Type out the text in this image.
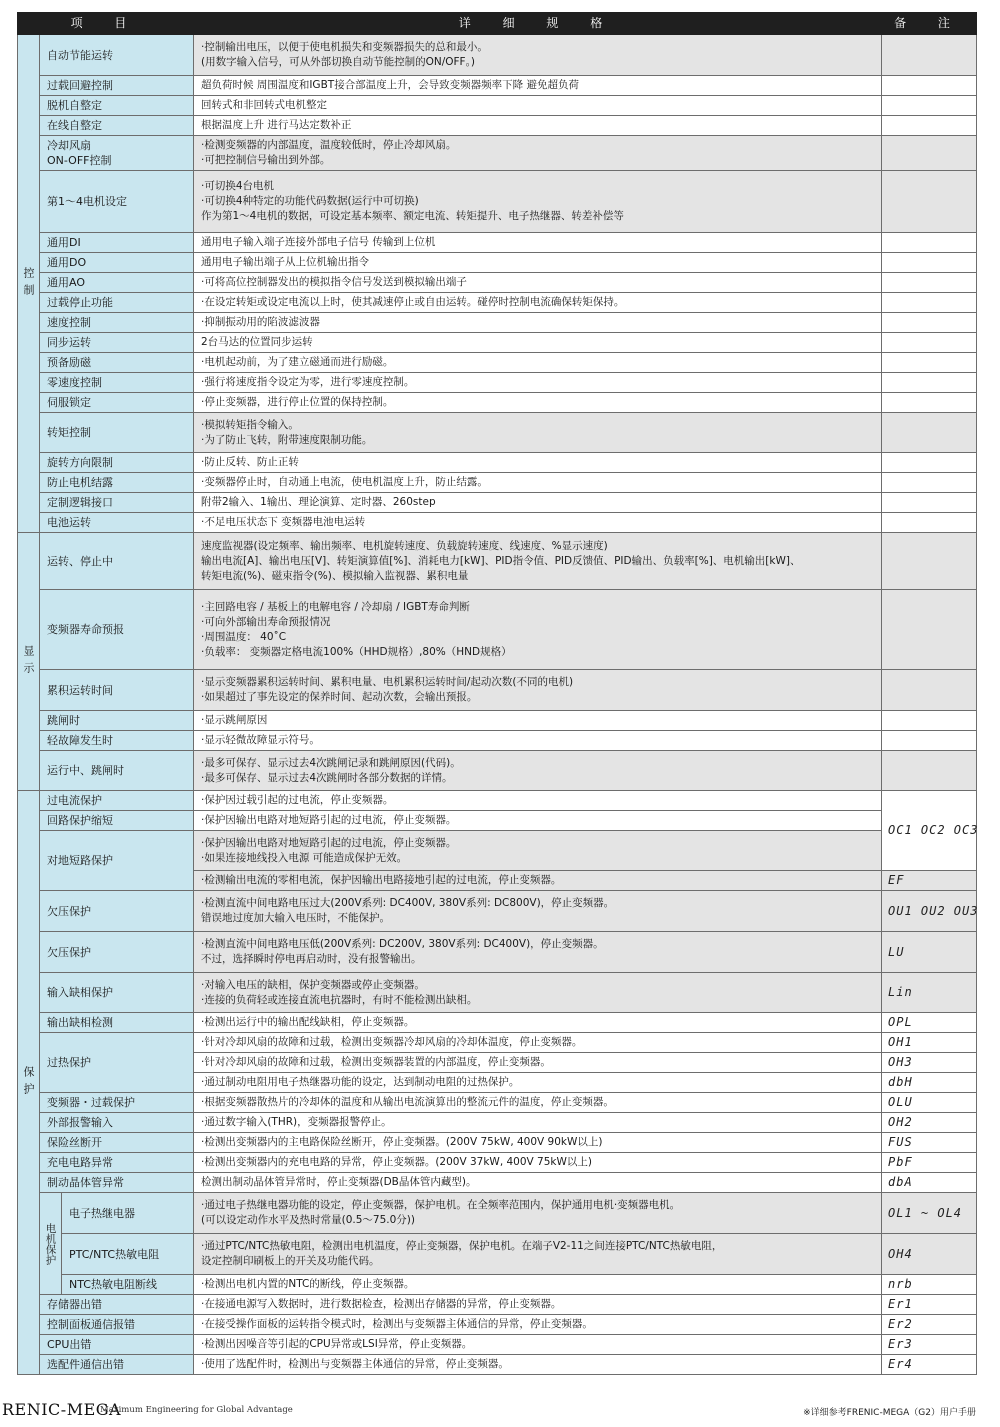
项 目			详 细 规 格	备 注
控制	自动节能运转		·控制输出电压，以便于使电机损失和变频器损失的总和最小。
(用数字输入信号，可从外部切换自动节能控制的ON/OFF。)	

	过载回避控制		超负荷时候 周围温度和IGBT接合部温度上升，会导致变频器频率下降 避免超负荷	

	脱机自整定		回转式和非回转式电机整定	

	在线自整定		根据温度上升 进行马达定数补正	

	冷却风扇
ON-OFF控制		·检测变频器的内部温度，温度较低时，停止冷却风扇。
·可把控制信号输出到外部。	

	第1～4电机设定		·可切换4台电机
·可切换4种特定的功能代码数据(运行中可切换)
作为第1～4电机的数据，可设定基本频率、额定电流、转矩提升、电子热继器、转差补偿等	

	通用DI		通用电子输入端子连接外部电子信号 传输到上位机	

	通用DO		通用电子输出端子从上位机输出指令	

	通用AO		·可将高位控制器发出的模拟指令信号发送到模拟输出端子	

	过载停止功能		·在设定转矩或设定电流以上时，使其减速停止或自由运转。碰停时控制电流确保转矩保持。	

	速度控制		·抑制振动用的陷波滤波器	

	同步运转		2台马达的位置同步运转	

	预备励磁		·电机起动前，为了建立磁通而进行励磁。	

	零速度控制		·强行将速度指令设定为零，进行零速度控制。	

	伺服锁定		·停止变频器，进行停止位置的保持控制。	

	转矩控制		·模拟转矩指令输入。
·为了防止飞转，附带速度限制功能。	

	旋转方向限制		·防止反转、防止正转	

	防止电机结露		·变频器停止时，自动通上电流，使电机温度上升，防止结露。	

	定制逻辑接口		附带2输入、1输出、理论演算、定时器、260step	

	电池运转		·不足电压状态下 变频器电池电运转	

显示	运转、停止中		速度监视器(设定频率、输出频率、电机旋转速度、负载旋转速度、线速度、%显示速度)
输出电流[A]、输出电压[V]、转矩演算值[%]、消耗电力[kW]、PID指令值、PID反馈值、PID输出、负载率[%]、电机输出[kW]、
转矩电流(%)、磁束指令(%)、模拟输入监视器、累积电量	

	变频器寿命预报		·主回路电容 / 基板上的电解电容 / 冷却扇 / IGBT寿命判断
·可向外部输出寿命预报情况
·周围温度： 40˚C
·负载率： 变频器定格电流100%（HHD规格）,80%（HND规格）	

	累积运转时间		·显示变频器累积运转时间、累积电量、电机累积运转时间/起动次数(不同的电机)
·如果超过了事先设定的保养时间、起动次数，会输出预报。	

	跳闸时		·显示跳闸原因	

	轻故障发生时		·显示轻微故障显示符号。	

	运行中、跳闸时		·最多可保存、显示过去4次跳闸记录和跳闸原因(代码)。
·最多可保存、显示过去4次跳闸时各部分数据的详情。	

保护	过电流保护		·保护因过载引起的过电流，停止变频器。	OC1 OC2 OC3
	回路保护缩短		·保护因输出电路对地短路引起的过电流，停止变频器。	

	对地短路保护		·保护因输出电路对地短路引起的过电流，停止变频器。
·如果连接地线投入电源 可能造成保护无效。	

			·检测输出电流的零相电流，保护因输出电路接地引起的过电流，停止变频器。	EF
	欠压保护		·检测直流中间电路电压过大(200V系列: DC400V, 380V系列: DC800V)，停止变频器。
错误地过度加大输入电压时，不能保护。	OU1 OU2 OU3
	欠压保护		·检测直流中间电路电压低(200V系列: DC200V, 380V系列: DC400V)，停止变频器。
不过，选择瞬时停电再启动时，没有报警输出。	LU
	输入缺相保护		·对输入电压的缺相，保护变频器或停止变频器。
·连接的负荷轻或连接直流电抗器时，有时不能检测出缺相。	Lin
	输出缺相检测		·检测出运行中的输出配线缺相，停止变频器。	OPL
	过热保护		·针对冷却风扇的故障和过载，检测出变频器冷却风扇的冷却体温度，停止变频器。	OH1

			·针对冷却风扇的故障和过载，检测出变频器装置的内部温度，停止变频器。	OH3

			·通过制动电阻用电子热继器功能的设定，达到制动电阻的过热保护。	dbH
	变频器・过载保护		·根据变频器散热片的冷却体的温度和从输出电流演算出的整流元件的温度，停止变频器。	OLU
	外部报警输入		·通过数字输入(THR)，变频器报警停止。	OH2
	保险丝断开		·检测出变频器内的主电路保险丝断开，停止变频器。(200V 75kW, 400V 90kW以上)	FUS
	充电电路异常		·检测出变频器内的充电电路的异常，停止变频器。(200V 37kW, 400V 75kW以上)	PbF
	制动晶体管异常		检测出制动晶体管异常时，停止变频器(DB晶体管内藏型)。	dbA
	电机保护	电子热继电器	·通过电子热继电器功能的设定，停止变频器，保护电机。在全频率范围内，保护通用电机·变频器电机。
(可以设定动作水平及热时常量(0.5～75.0分))	OL1 ~ OL4
		PTC/NTC热敏电阻	·通过PTC/NTC热敏电阻，检测出电机温度，停止变频器，保护电机。在端子V2-11之间连接PTC/NTC热敏电阻，
设定控制印刷板上的开关及功能代码。	OH4
		NTC热敏电阻断线	·检测出电机内置的NTC的断线，停止变频器。	nrb
	存储器出错		·在接通电源写入数据时，进行数据检查，检测出存储器的异常，停止变频器。	Er1
	控制面板通信报错		·在接受操作面板的运转指令模式时，检测出与变频器主体通信的异常，停止变频器。	Er2
	CPU出错		·检测出因噪音等引起的CPU异常或LSI异常，停止变频器。	Er3
	选配件通信出错		·使用了选配件时，检测出与变频器主体通信的异常，停止变频器。	Er4
RENIC-MEGA
Maximum Engineering for Global Advantage	※详细参考FRENIC-MEGA（G2）用户手册
